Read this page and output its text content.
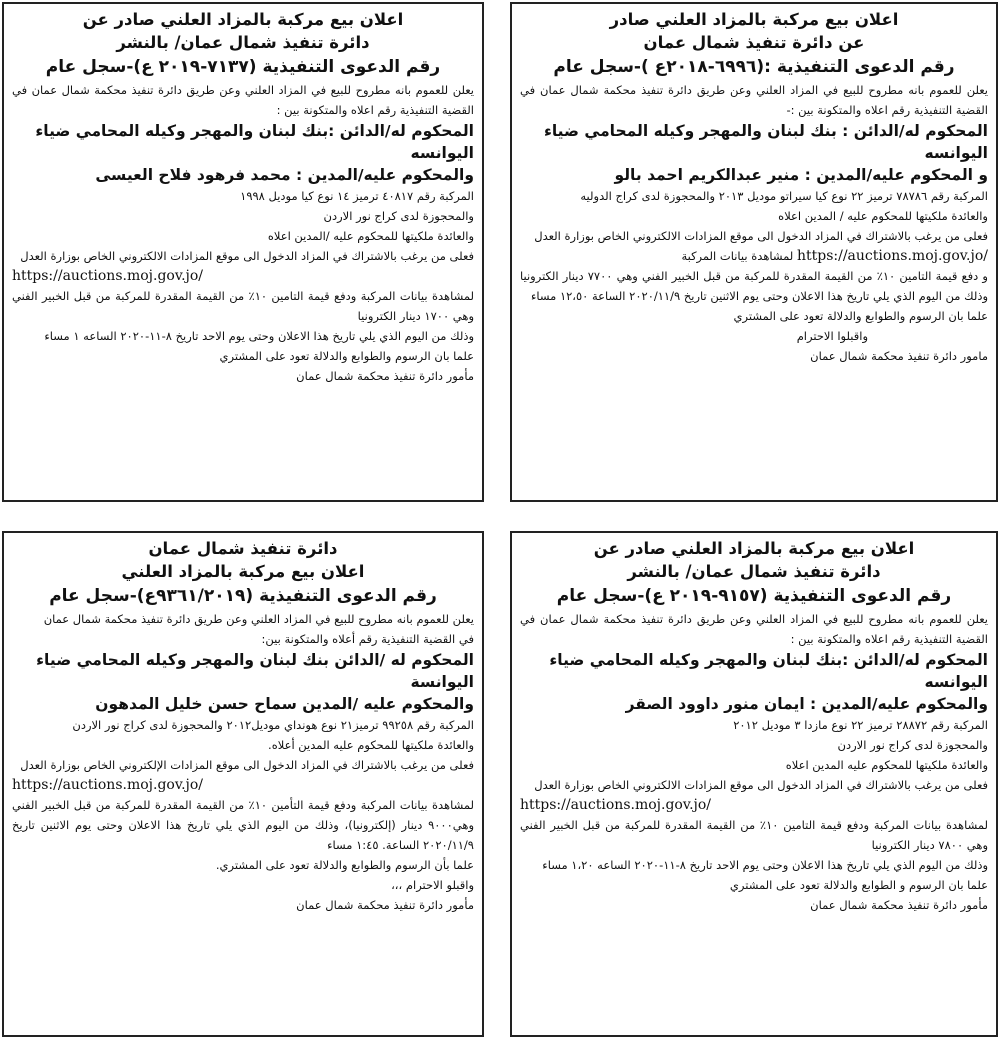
اعلان بيع مركبة بالمزاد العلني صادر

عن دائرة تنفيذ شمال عمان

رقم الدعوى التنفيذية :(٦٩٩٦-٢٠١٨ع )-سجل عام

يعلن للعموم بانه مطروح للبيع في المزاد العلني وعن طريق دائرة تنفيذ محكمة شمال عمان في القضية التنفيذية رقم اعلاه والمتكونة بين :-

المحكوم له/الدائن : بنك لبنان والمهجر وكيله المحامي ضياء اليوانسه

و المحكوم عليه/المدين : منير عبدالكريم احمد بالو

المركبة رقم ٧٨٧٨٦ ترميز ٢٢ نوع كيا سيراتو موديل ٢٠١٣ والمحجوزة لدى كراج الدوليه

والعائدة ملكيتها للمحكوم عليه / المدين اعلاه

فعلى من يرغب بالاشتراك في المزاد الدخول الى موقع المزادات الالكتروني الخاص بوزارة العدل

https://auctions.moj.gov.jo/ لمشاهدة بيانات المركبة

و دفع قيمة التامين ١٠٪ من القيمة المقدرة للمركبة من قبل الخبير الفني وهي ٧٧٠٠ دينار الكترونيا وذلك من اليوم الذي يلي تاريخ هذا الاعلان وحتى يوم الاثنين تاريخ ٢٠٢٠/١١/٩ الساعة ١٢،٥٠ مساء

علما بان الرسوم والطوابع والدلالة تعود على المشتري

واقبلوا الاحترام

مامور دائرة تنفيذ محكمة شمال عمان

اعلان بيع مركبة بالمزاد العلني صادر عن

دائرة تنفيذ شمال عمان/ بالنشر

رقم الدعوى التنفيذية (٧١٣٧-٢٠١٩ ع)-سجل عام

يعلن للعموم بانه مطروح للبيع في المزاد العلني وعن طريق دائرة تنفيذ محكمة شمال عمان في القضية التنفيذية رقم اعلاه والمتكونة بين :

المحكوم له/الدائن :بنك لبنان والمهجر وكيله المحامي ضياء اليوانسه

والمحكوم عليه/المدين : محمد فرهود فلاح العيسى

المركبة رقم ٤٠٨١٧ ترميز ١٤ نوع كيا موديل ١٩٩٨

والمحجوزة لدى كراج نور الاردن

والعائدة ملكيتها للمحكوم عليه /المدين اعلاه

فعلى من يرغب بالاشتراك في المزاد الدخول الى موقع المزادات الالكتروني الخاص بوزارة العدل

https://auctions.moj.gov.jo/

لمشاهدة بيانات المركبة ودفع قيمة التامين ١٠٪ من القيمة المقدرة للمركبة من قبل الخبير الفني وهي ١٧٠٠ دينار الكترونيا

وذلك من اليوم الذي يلي تاريخ هذا الاعلان وحتى يوم الاحد تاريخ ٨-١١-٢٠٢٠ الساعه ١ مساء

علما بان الرسوم والطوابع والدلالة تعود على المشتري

مأمور دائرة تنفيذ محكمة شمال عمان

اعلان بيع مركبة بالمزاد العلني صادر عن

دائرة تنفيذ شمال عمان/ بالنشر

رقم الدعوى التنفيذية (٩١٥٧-٢٠١٩ ع)-سجل عام

يعلن للعموم بانه مطروح للبيع في المزاد العلني وعن طريق دائرة تنفيذ محكمة شمال عمان في القضية التنفيذية رقم اعلاه والمتكونة بين :

المحكوم له/الدائن :بنك لبنان والمهجر وكيله المحامي ضياء اليوانسه

والمحكوم عليه/المدين : ايمان منور داوود الصقر

المركبة رقم ٢٨٨٧٢ ترميز ٢٢ نوع مازدا ٣ موديل ٢٠١٢

والمحجوزة لدى كراج نور الاردن

والعائدة ملكيتها للمحكوم عليه المدين اعلاه

فعلى من يرغب بالاشتراك في المزاد الدخول الى موقع المزادات الالكتروني الخاص بوزارة العدل

https://auctions.moj.gov.jo/

لمشاهدة بيانات المركبة ودفع قيمة التامين ١٠٪ من القيمة المقدرة للمركبة من قبل الخبير الفني وهي ٧٨٠٠ دينار الكترونيا

وذلك من اليوم الذي يلي تاريخ هذا الاعلان وحتى يوم الاحد تاريخ ٨-١١-٢٠٢٠ الساعه ١،٢٠ مساء

علما بان الرسوم و الطوابع والدلالة تعود على المشتري

مأمور دائرة تنفيذ محكمة شمال عمان

دائرة تنفيذ شمال عمان

اعلان بيع مركبة بالمزاد العلني

رقم الدعوى التنفيذية (٩٣٦١/٢٠١٩ع)-سجل عام

يعلن للعموم بانه مطروح للبيع في المزاد العلني وعن طريق دائرة تنفيذ محكمة شمال عمان

في القضية التنفيذية رقم أعلاه والمتكونة بين:

المحكوم له /الدائن بنك لبنان والمهجر وكيله المحامي ضياء اليوانسة

والمحكوم عليه /المدين سماح حسن خليل المدهون

المركبة رقم ٩٩٢٥٨ ترميز٢١ نوع هونداي موديل٢٠١٢ والمحجوزة لدى كراج نور الاردن

والعائدة ملكيتها للمحكوم عليه المدين أعلاه.

فعلى من يرغب بالاشتراك في المزاد الدخول الى موقع المزادات الإلكتروني الخاص بوزارة العدل

https://auctions.moj.gov.jo/

لمشاهدة بيانات المركبة ودفع قيمة التأمين ١٠٪ من القيمة المقدرة للمركبة من قبل الخبير الفني وهي٩٠٠٠ دينار (إلكترونيا)، وذلك من اليوم الذي يلي تاريخ هذا الاعلان وحتى يوم الاثنين تاريخ ٢٠٢٠/١١/٩ الساعة. ١:٤٥ مساء

علما بأن الرسوم والطوابع والدلالة تعود على المشتري.

واقبلو الاحترام ،،،

مأمور دائرة تنفيذ محكمة شمال عمان
